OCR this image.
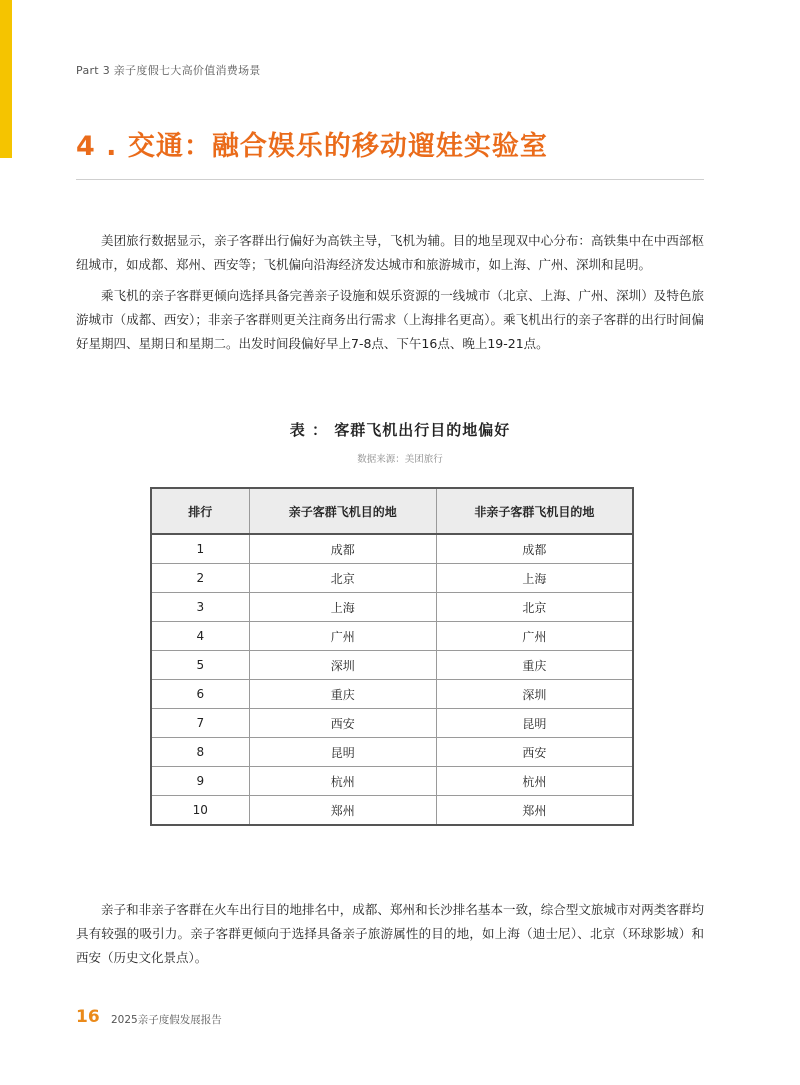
Part 3 亲子度假七大高价值消费场景
4 . 交通：融合娱乐的移动遛娃实验室

美团旅行数据显示，亲子客群出行偏好为高铁主导，飞机为辅。目的地呈现双中心分布：高铁集中在中西部枢纽城市，如成都、郑州、西安等；飞机偏向沿海经济发达城市和旅游城市，如上海、广州、深圳和昆明。

乘飞机的亲子客群更倾向选择具备完善亲子设施和娱乐资源的一线城市（北京、上海、广州、深圳）及特色旅游城市（成都、西安）；非亲子客群则更关注商务出行需求（上海排名更高）。乘飞机出行的亲子客群的出行时间偏好星期四、星期日和星期二。出发时间段偏好早上7-8点、下午16点、晚上19-21点。

表 ： 客群飞机出行目的地偏好
数据来源：美团旅行
排行	亲子客群飞机目的地	非亲子客群飞机目的地
1	成都	成都
2	北京	上海
3	上海	北京
4	广州	广州
5	深圳	重庆
6	重庆	深圳
7	西安	昆明
8	昆明	西安
9	杭州	杭州
10	郑州	郑州

亲子和非亲子客群在火车出行目的地排名中，成都、郑州和长沙排名基本一致，综合型文旅城市对两类客群均具有较强的吸引力。亲子客群更倾向于选择具备亲子旅游属性的目的地，如上海（迪士尼）、北京（环球影城）和西安（历史文化景点）。

16 2025亲子度假发展报告
